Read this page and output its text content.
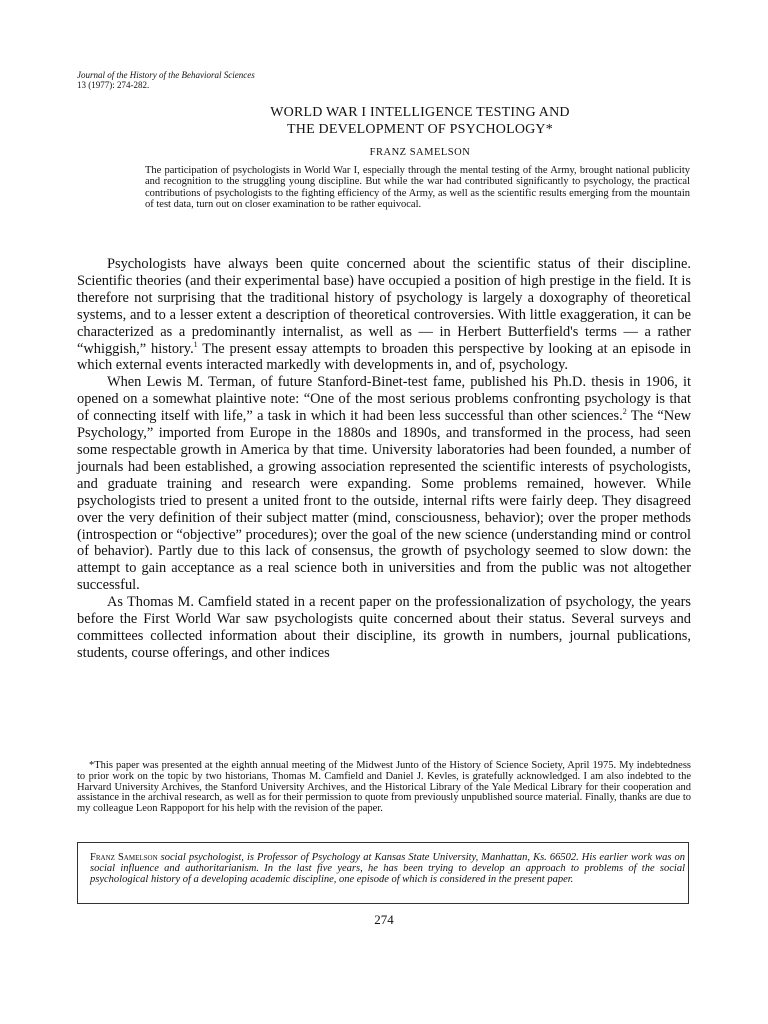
Journal of the History of the Behavioral Sciences
13 (1977): 274-282.
WORLD WAR I INTELLIGENCE TESTING AND
THE DEVELOPMENT OF PSYCHOLOGY*
FRANZ SAMELSON
The participation of psychologists in World War I, especially through the mental testing of the Army, brought national publicity and recognition to the struggling young discipline. But while the war had contributed significantly to psychology, the practical contributions of psychologists to the fighting efficiency of the Army, as well as the scientific results emerging from the mountain of test data, turn out on closer examination to be rather equivocal.

Psychologists have always been quite concerned about the scientific status of their discipline. Scientific theories (and their experimental base) have occupied a position of high prestige in the field. It is therefore not surprising that the traditional history of psychology is largely a doxography of theoretical systems, and to a lesser extent a description of theoretical controversies. With little exaggeration, it can be characterized as a predominantly internalist, as well as — in Herbert Butterfield's terms — a rather “whiggish,” history.$^1$ The present essay attempts to broaden this perspective by looking at an episode in which external events interacted markedly with developments in, and of, psychology.

When Lewis M. Terman, of future Stanford-Binet-test fame, published his Ph.D. thesis in 1906, it opened on a somewhat plaintive note: “One of the most serious problems confronting psychology is that of connecting itself with life,” a task in which it had been less successful than other sciences.$^2$ The “New Psychology,” imported from Europe in the 1880s and 1890s, and transformed in the process, had seen some respectable growth in America by that time. University laboratories had been founded, a number of journals had been established, a growing association represented the scientific interests of psychologists, and graduate training and research were expanding. Some problems remained, however. While psychologists tried to present a united front to the outside, internal rifts were fairly deep. They disagreed over the very definition of their subject matter (mind, consciousness, behavior); over the proper methods (introspection or “objective” procedures); over the goal of the new science (understanding mind or control of behavior). Partly due to this lack of consensus, the growth of psychology seemed to slow down: the attempt to gain acceptance as a real science both in universities and from the public was not altogether successful.

As Thomas M. Camfield stated in a recent paper on the professionalization of psychology, the years before the First World War saw psychologists quite concerned about their status. Several surveys and committees collected information about their discipline, its growth in numbers, journal publications, students, course offerings, and other indices

*This paper was presented at the eighth annual meeting of the Midwest Junto of the History of Science Society, April 1975. My indebtedness to prior work on the topic by two historians, Thomas M. Camfield and Daniel J. Kevles, is gratefully acknowledged. I am also indebted to the Harvard University Archives, the Stanford University Archives, and the Historical Library of the Yale Medical Library for their cooperation and assistance in the archival research, as well as for their permission to quote from previously unpublished source material. Finally, thanks are due to my colleague Leon Rappoport for his help with the revision of the paper.

Franz Samelson social psychologist, is Professor of Psychology at Kansas State University, Manhattan, Ks. 66502. His earlier work was on social influence and authoritarianism. In the last five years, he has been trying to develop an approach to problems of the social psychological history of a developing academic discipline, one episode of which is considered in the present paper.
274
